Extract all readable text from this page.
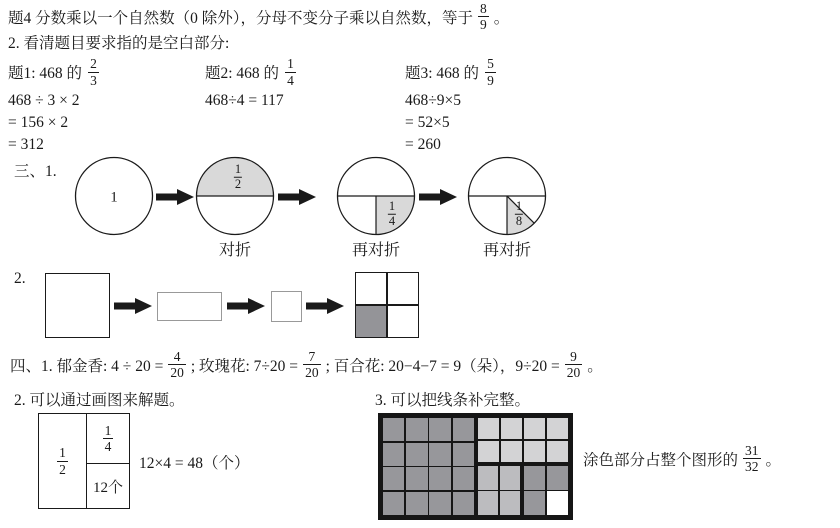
题4 分数乘以一个自然数（0 除外），分母不变分子乘以自然数，等于 $\frac{8}{9}$ 。
2. 看清题目要求指的是空白部分:
题1: 468 的 $\frac{2}{3}$
468 ÷ 3 × 2
= 156 × 2
= 312
题2: 468 的 $\frac{1}{4}$
468÷4 = 117
题3: 468 的 $\frac{5}{9}$
468÷9×5
= 52×5
= 260
三、1.
1
$\frac{1}{2}$
对折
$\frac{1}{4}$
再对折
$\frac{1}{8}$
再对折
2.
四、1. 郁金香: $4 \div 20 = \frac{4}{20}$ ; 玫瑰花: $7\div 20 = \frac{7}{20}$ ; 百合花: 20−4−7 = 9（朵），$9\div 20 = \frac{9}{20}$ 。
2. 可以通过画图来解题。	3. 可以把线条补完整。
$\frac{1}{2}$
$\frac{1}{4}$
12个
12×4 = 48（个）	涂色部分占整个图形的 $\frac{31}{32}$ 。
